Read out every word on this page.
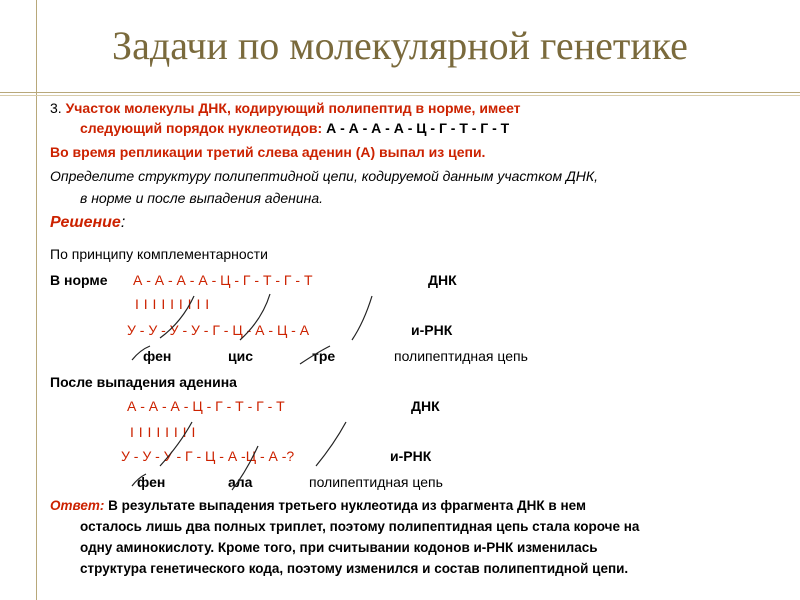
Задачи по молекулярной генетике
3. Участок молекулы ДНК, кодирующий полипептид в норме, имеет
следующий порядок нуклеотидов: А - А - А - А - Ц - Г - Т - Г - Т
Во время репликации третий слева аденин (А) выпал из цепи.
Определите структуру полипептидной цепи, кодируемой данным участком ДНК,
в норме и после выпадения аденина.
Решение:
По принципу комплементарности
В норме А - А - А - А - Ц - Г - Т - Г - Т	ДНК
I I I I I I I I I
У - У - У - У - Г - Ц - А - Ц - А	и-РНК
фен	цис	тре	полипептидная цепь
После выпадения аденина
А - А - А - Ц - Г - Т - Г - Т	ДНК
I I I I I I I I
У - У - У - Г - Ц - А -Ц - А -?	и-РНК
фен	ала	полипептидная цепь
Ответ: В результате выпадения третьего нуклеотида из фрагмента ДНК в нем
осталось лишь два полных триплет, поэтому полипептидная цепь стала короче на
одну аминокислоту. Кроме того, при считывании кодонов и-РНК изменилась
структура генетического кода, поэтому изменился и состав полипептидной цепи.
